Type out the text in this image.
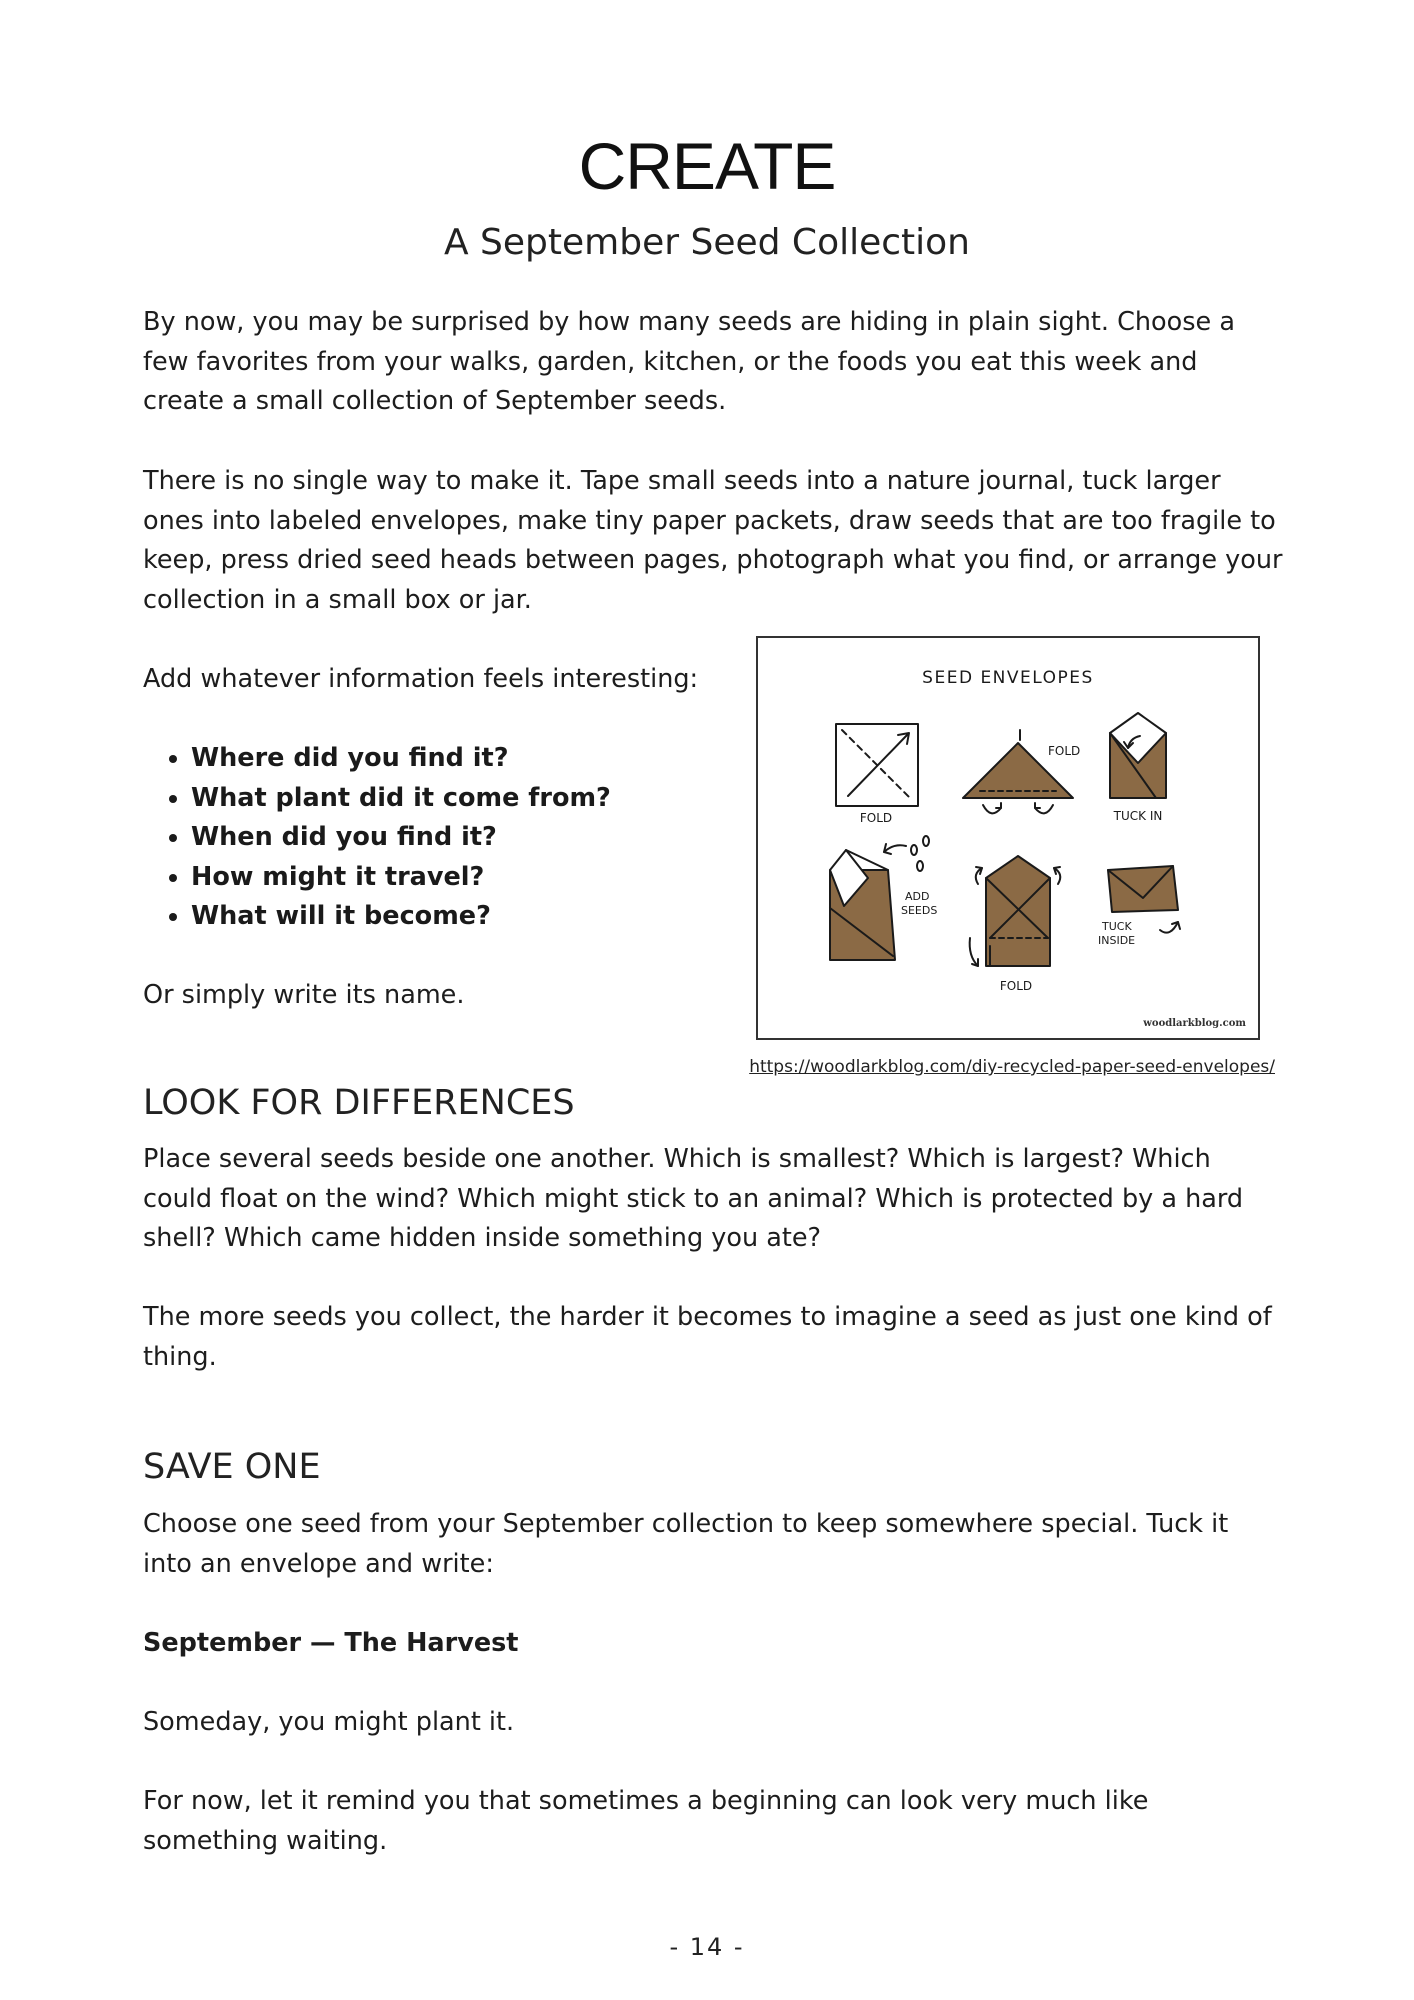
CREATE
A September Seed Collection
By now, you may be surprised by how many seeds are hiding in plain sight. Choose a few favorites from your walks, garden, kitchen, or the foods you eat this week and create a small collection of September seeds.
There is no single way to make it. Tape small seeds into a nature journal, tuck larger ones into labeled envelopes, make tiny paper packets, draw seeds that are too fragile to keep, press dried seed heads between pages, photograph what you find, or arrange your collection in a small box or jar.
Add whatever information feels interesting:
• Where did you find it?
• What plant did it come from?
• When did you find it?
• How might it travel?
• What will it become?
Or simply write its name.
SEED ENVELOPES
FOLD
FOLD
TUCK IN
ADD
SEEDS
FOLD
TUCK
INSIDE
woodlarkblog.com
https://woodlarkblog.com/diy-recycled-paper-seed-envelopes/
LOOK FOR DIFFERENCES
Place several seeds beside one another. Which is smallest? Which is largest? Which could float on the wind? Which might stick to an animal? Which is protected by a hard shell? Which came hidden inside something you ate?
The more seeds you collect, the harder it becomes to imagine a seed as just one kind of thing.
SAVE ONE
Choose one seed from your September collection to keep somewhere special. Tuck it into an envelope and write:
September — The Harvest
Someday, you might plant it.
For now, let it remind you that sometimes a beginning can look very much like something waiting.
- 14 -
